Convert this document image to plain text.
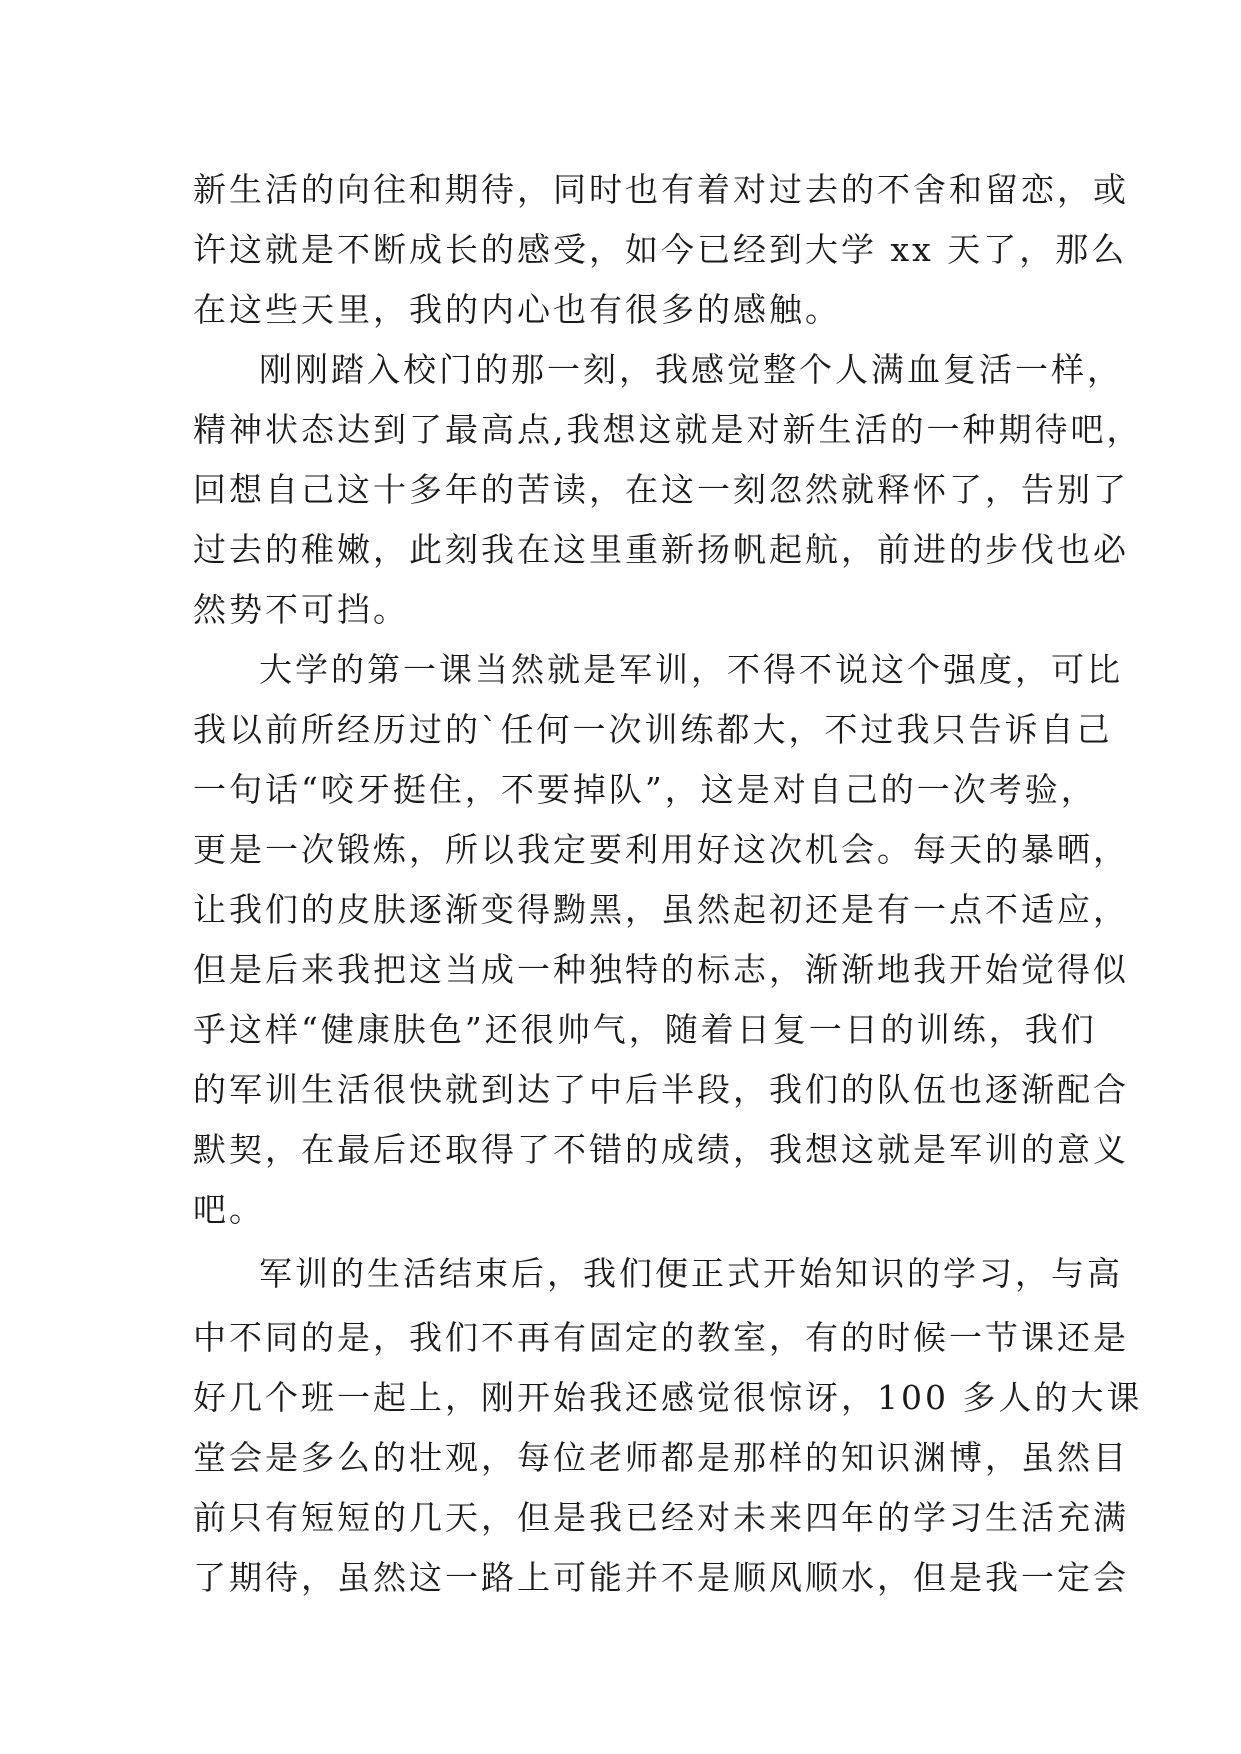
新生活的向往和期待，同时也有着对过去的不舍和留恋，或
许这就是不断成长的感受，如今已经到大学 xx 天了，那么
在这些天里，我的内心也有很多的感触。
刚刚踏入校门的那一刻，我感觉整个人满血复活一样，
精神状态达到了最高点,我想这就是对新生活的一种期待吧，
回想自己这十多年的苦读，在这一刻忽然就释怀了，告别了
过去的稚嫩，此刻我在这里重新扬帆起航，前进的步伐也必
然势不可挡。
大学的第一课当然就是军训，不得不说这个强度，可比
我以前所经历过的`任何一次训练都大，不过我只告诉自己
一句话“咬牙挺住，不要掉队”，这是对自己的一次考验，
更是一次锻炼，所以我定要利用好这次机会。每天的暴晒，
让我们的皮肤逐渐变得黝黑，虽然起初还是有一点不适应，
但是后来我把这当成一种独特的标志，渐渐地我开始觉得似
乎这样“健康肤色”还很帅气，随着日复一日的训练，我们
的军训生活很快就到达了中后半段，我们的队伍也逐渐配合
默契，在最后还取得了不错的成绩，我想这就是军训的意义
吧。
军训的生活结束后，我们便正式开始知识的学习，与高
中不同的是，我们不再有固定的教室，有的时候一节课还是
好几个班一起上，刚开始我还感觉很惊讶，100 多人的大课
堂会是多么的壮观，每位老师都是那样的知识渊博，虽然目
前只有短短的几天，但是我已经对未来四年的学习生活充满
了期待，虽然这一路上可能并不是顺风顺水，但是我一定会
